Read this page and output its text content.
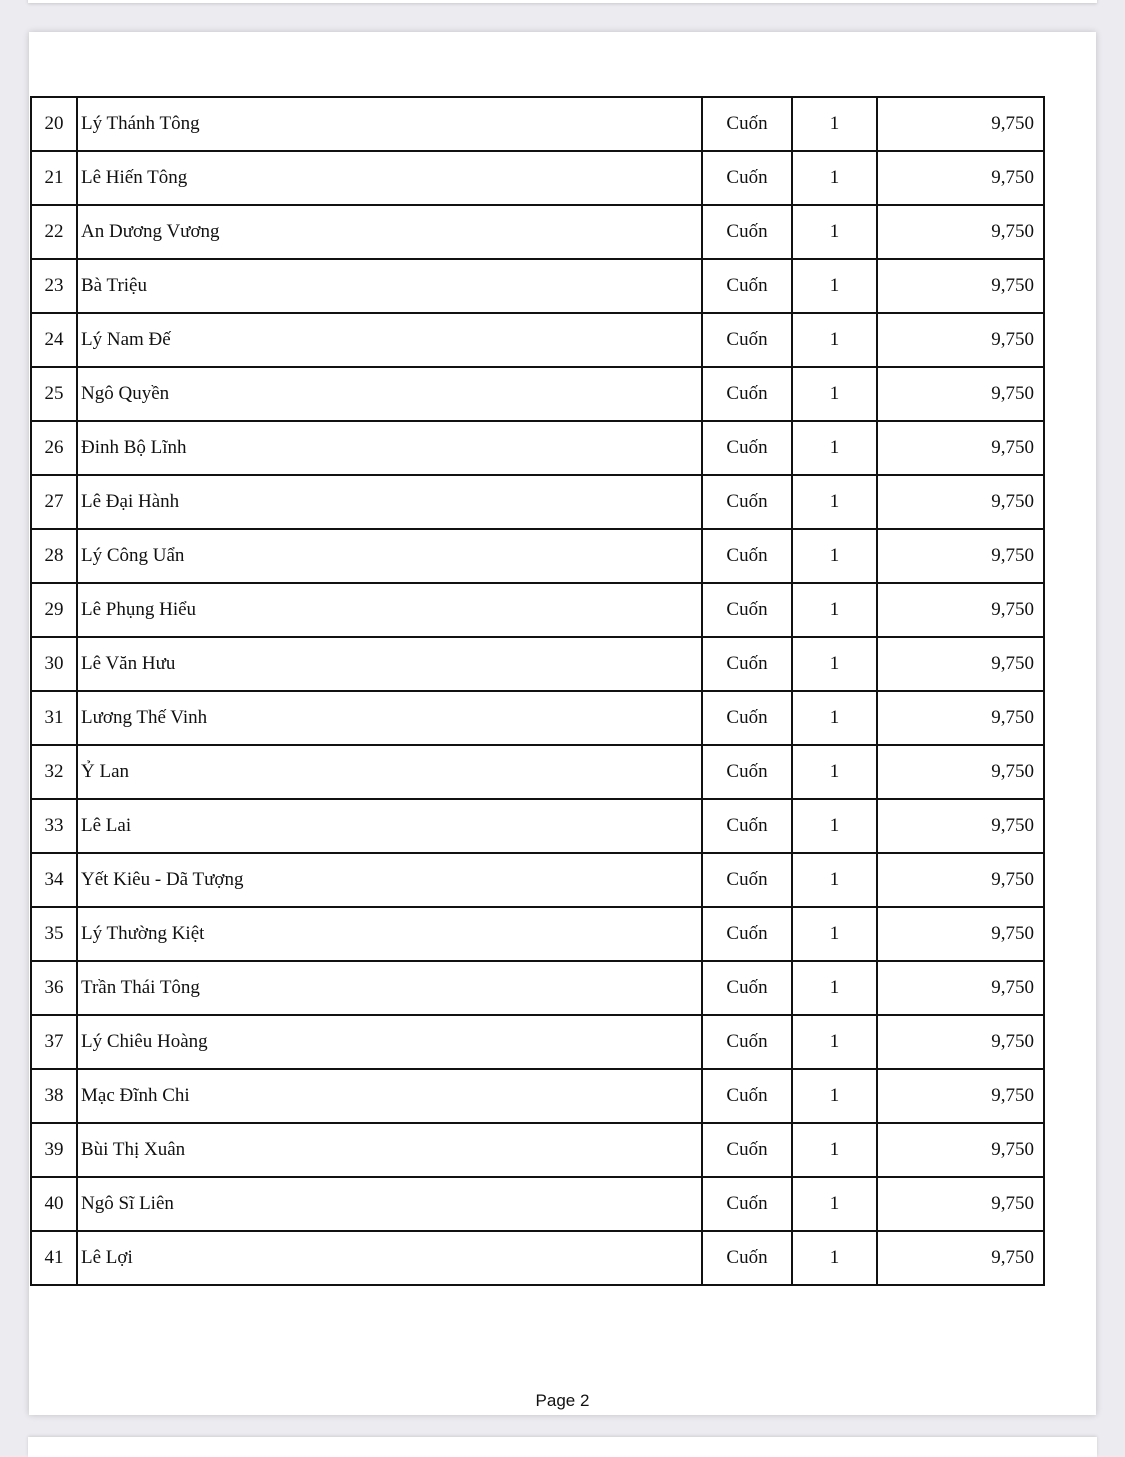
20	Lý Thánh Tông	Cuốn	1	9,750
21	Lê Hiến Tông	Cuốn	1	9,750
22	An Dương Vương	Cuốn	1	9,750
23	Bà Triệu	Cuốn	1	9,750
24	Lý Nam Đế	Cuốn	1	9,750
25	Ngô Quyền	Cuốn	1	9,750
26	Đinh Bộ Lĩnh	Cuốn	1	9,750
27	Lê Đại Hành	Cuốn	1	9,750
28	Lý Công Uẩn	Cuốn	1	9,750
29	Lê Phụng Hiểu	Cuốn	1	9,750
30	Lê Văn Hưu	Cuốn	1	9,750
31	Lương Thế Vinh	Cuốn	1	9,750
32	Ỷ Lan	Cuốn	1	9,750
33	Lê Lai	Cuốn	1	9,750
34	Yết Kiêu - Dã Tượng	Cuốn	1	9,750
35	Lý Thường Kiệt	Cuốn	1	9,750
36	Trần Thái Tông	Cuốn	1	9,750
37	Lý Chiêu Hoàng	Cuốn	1	9,750
38	Mạc Đĩnh Chi	Cuốn	1	9,750
39	Bùi Thị Xuân	Cuốn	1	9,750
40	Ngô Sĩ Liên	Cuốn	1	9,750
41	Lê Lợi	Cuốn	1	9,750
Page 2
